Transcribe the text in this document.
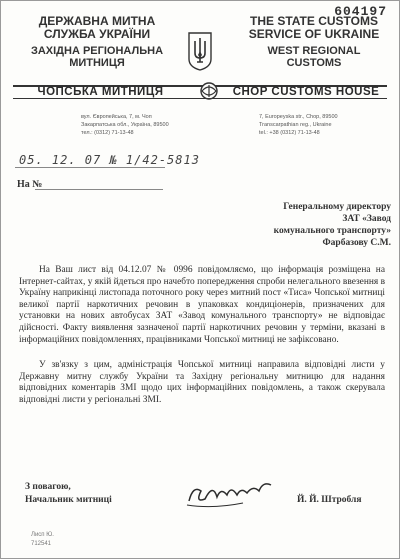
604197
ДЕРЖАВНА МИТНА СЛУЖБА УКРАЇНИ
ЗАХІДНА РЕГІОНАЛЬНА МИТНИЦЯ
THE STATE CUSTOMS SERVICE OF UKRAINE
WEST REGIONAL CUSTOMS
ЧОПСЬКА МИТНИЦЯ	CHOP CUSTOMS HOUSE
вул. Європейська, 7, м. Чоп
Закарпатська обл., Україна, 89500
тел.: (0312) 71-13-48
7, Europeyska str., Chop, 89500
Transcarpathian reg., Ukraine
tel.: +38 (0312) 71-13-48
05. 12. 07 № 1/42-5813
На №
Генеральному директору
ЗАТ «Завод
комунального транспорту»
Фарбазову С.М.

На Ваш лист від 04.12.07 № 0996 повідомляємо, що інформація розміщена на Інтернет-сайтах, у якій йдеться про начебто попередження спроби нелегального ввезення в Україну наприкінці листопада поточного року через митний пост «Тиса» Чопської митниці великої партії наркотичних речовин в упаковках кондиціонерів, призначених для установки на нових автобусах ЗАТ «Завод комунального транспорту» не відповідає дійсності. Факту виявлення зазначеної партії наркотичних речовин у терміни, вказані в інформаційних повідомленнях, працівниками Чопської митниці не зафіксовано.

У зв'язку з цим, адміністрація Чопської митниці направила відповідні листи у Державну митну службу України та Західну регіональну митницю для надання відповідних коментарів ЗМІ щодо цих інформаційних повідомлень, а також скерувала відповідні листи у регіональні ЗМІ.

З повагою,
Начальник митниці	Й. Й. Штробля
Лисп Ю.
712541
